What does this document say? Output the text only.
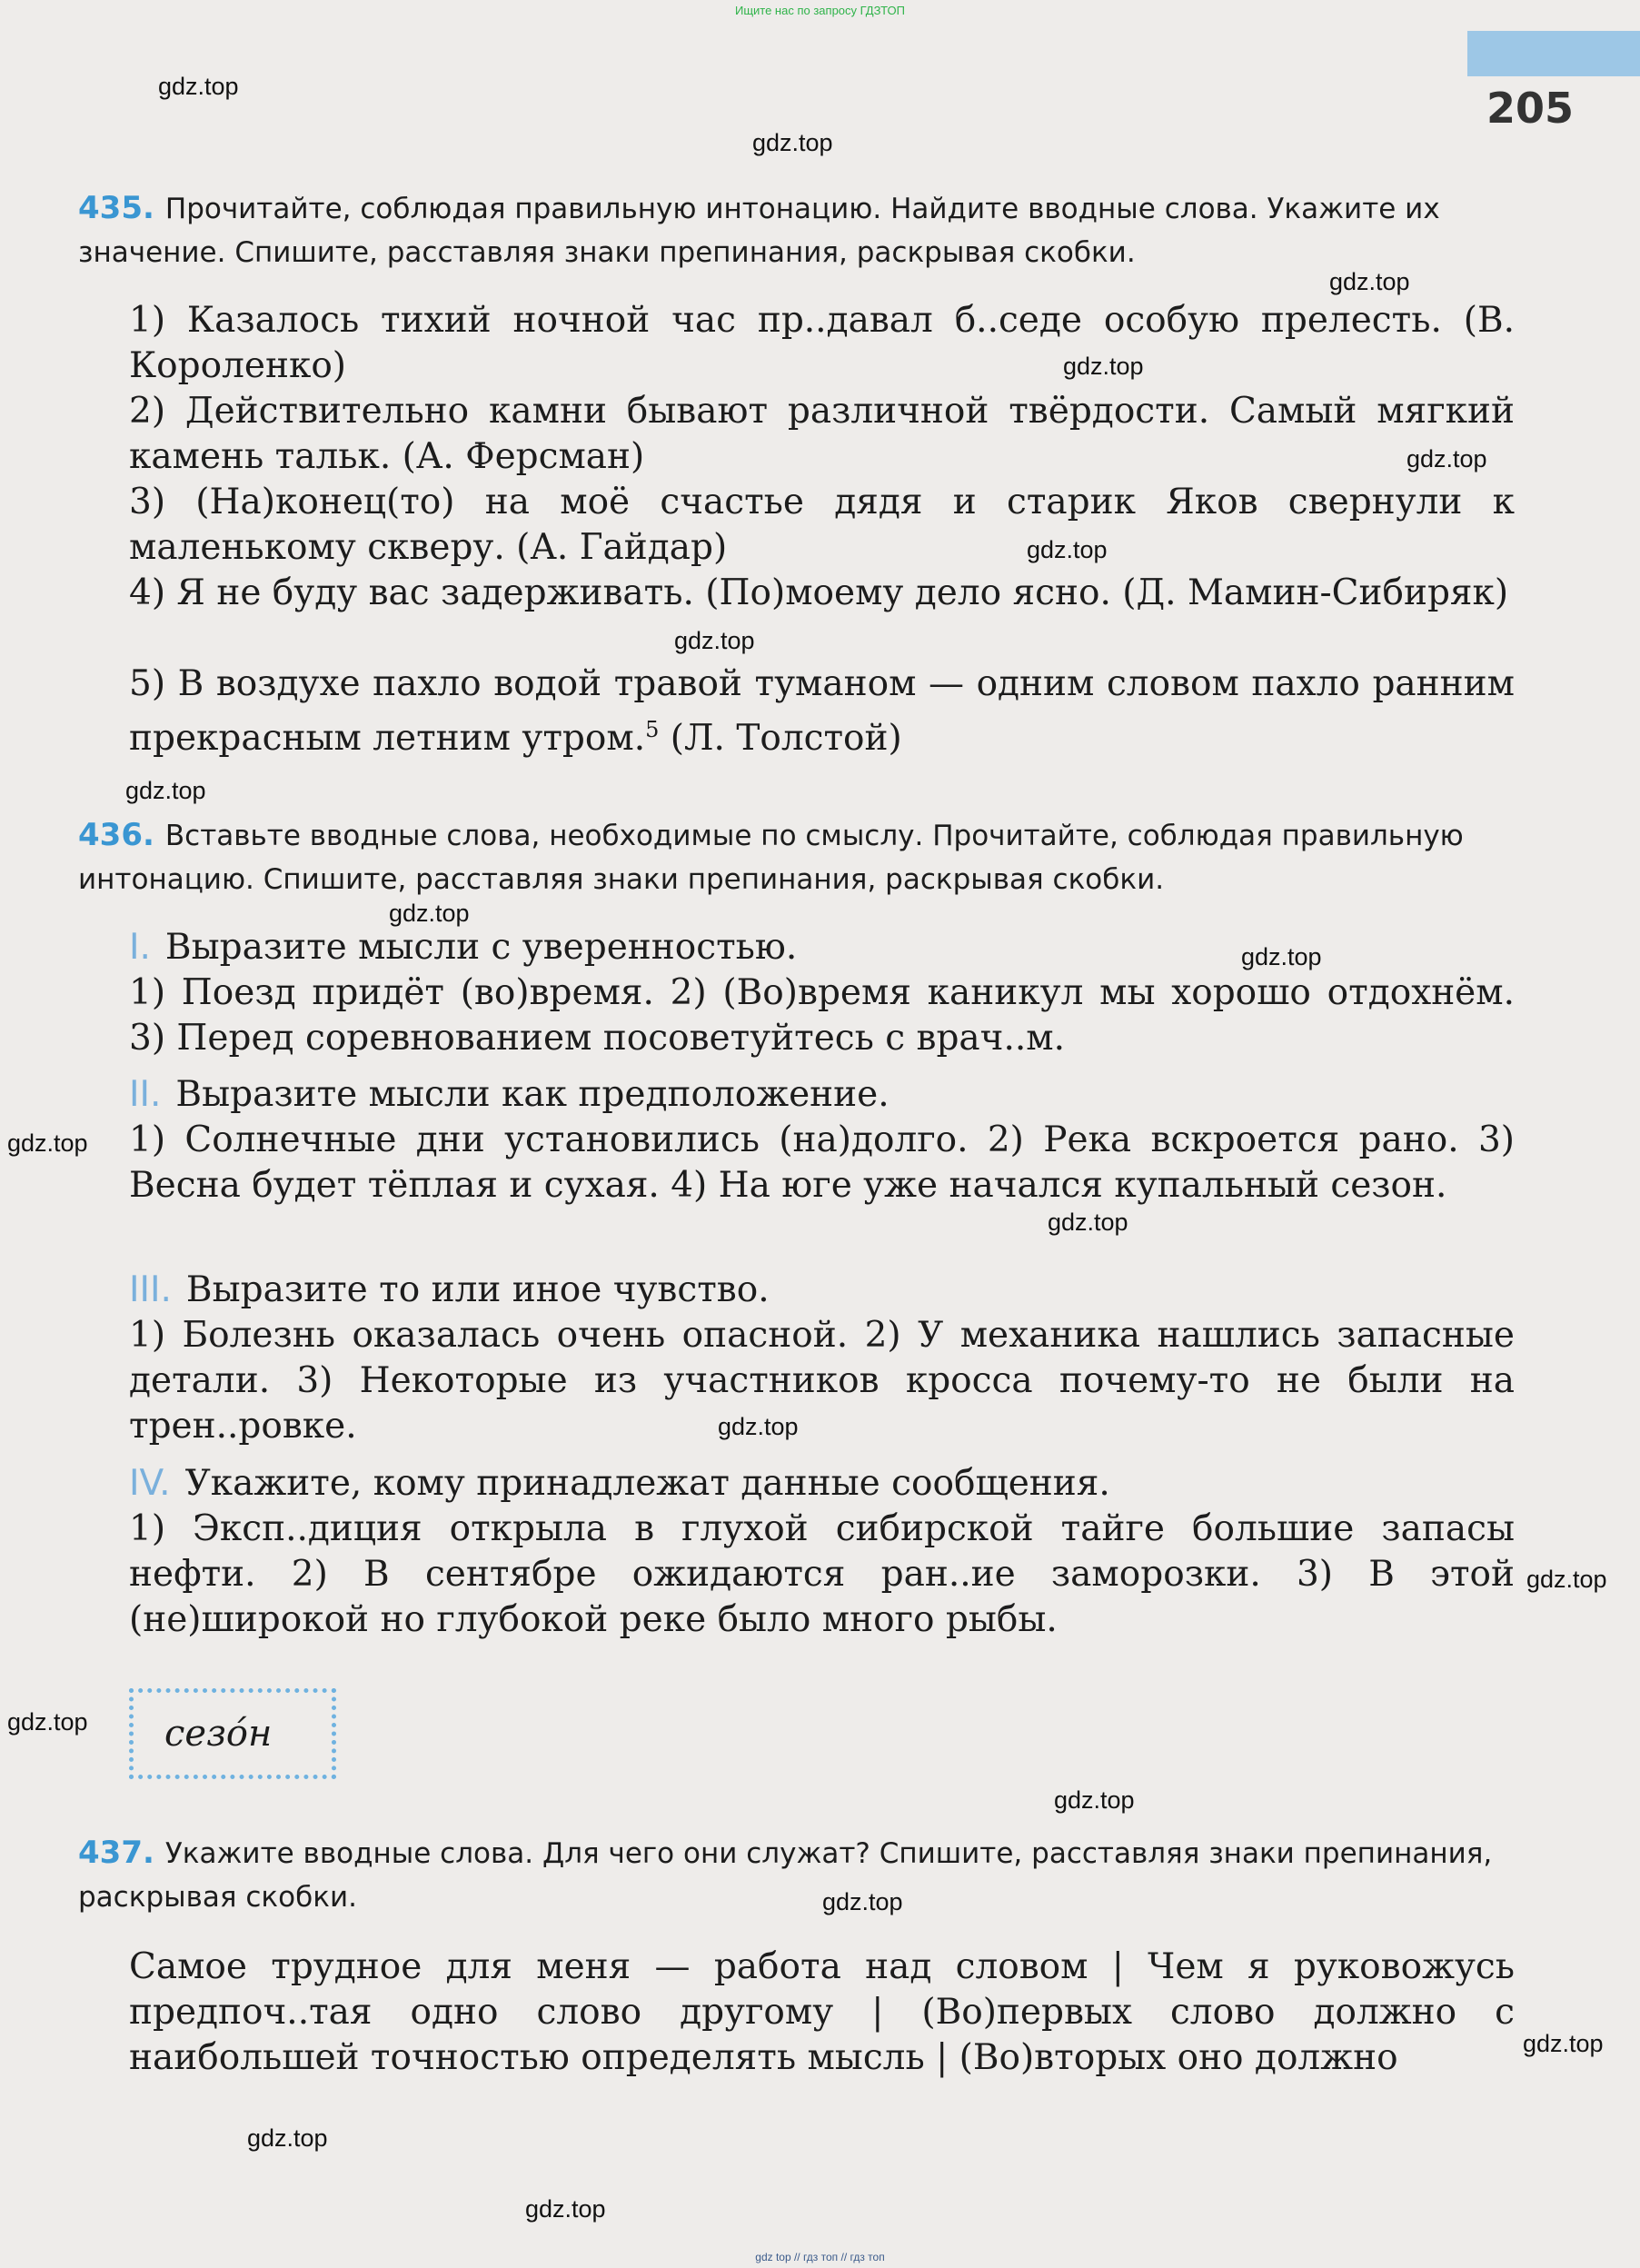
Ищите нас по запросу ГДЗТОП
205
435. Прочитайте, соблюдая правильную интонацию. Найдите вводные слова. Укажите их значение. Спишите, расставляя знаки препинания, раскрывая скобки.
1) Казалось тихий ночной час пр..давал б..седе особую прелесть. (В. Короленко)
2) Действительно камни бывают различной твёрдости. Самый мягкий камень тальк. (А. Ферсман)
3) (На)конец(то) на моё счастье дядя и старик Яков свернули к маленькому скверу. (А. Гайдар)
4) Я не буду вас задерживать. (По)моему дело ясно. (Д. Мамин-Сибиряк)
5) В воздухе пахло водой травой туманом — одним словом пахло ранним прекрасным летним утром.$^5$ (Л. Толстой)
436. Вставьте вводные слова, необходимые по смыслу. Прочитайте, соблюдая правильную интонацию. Спишите, расставляя знаки препинания, раскрывая скобки.
I. Выразите мысли с уверенностью.
1) Поезд придёт (во)время. 2) (Во)время каникул мы хорошо отдохнём. 3) Перед соревнованием посоветуйтесь с врач..м.
II. Выразите мысли как предположение.
1) Солнечные дни установились (на)долго. 2) Река вскроется рано. 3) Весна будет тёплая и сухая. 4) На юге уже начался купальный сезон.
III. Выразите то или иное чувство.
1) Болезнь оказалась очень опасной. 2) У механика нашлись запасные детали. 3) Некоторые из участников кросса почему-то не были на трен..ровке.
IV. Укажите, кому принадлежат данные сообщения.
1) Эксп..диция открыла в глухой сибирской тайге большие запасы нефти. 2) В сентябре ожидаются ран..ие заморозки. 3) В этой (не)широкой но глубокой реке было много рыбы.
сезóн
437. Укажите вводные слова. Для чего они служат? Спишите, расставляя знаки препинания, раскрывая скобки.
Самое трудное для меня — работа над словом | Чем я руковожусь предпоч..тая одно слово другому | (Во)первых слово должно с наибольшей точностью определять мысль | (Во)вторых оно должно
gdz.top
gdz.top
gdz.top
gdz.top
gdz.top
gdz.top
gdz.top
gdz.top
gdz.top
gdz.top
gdz.top
gdz.top
gdz.top
gdz.top
gdz.top
gdz.top
gdz.top
gdz.top
gdz.top
gdz.top
gdz top // гдз топ // гдз топ
